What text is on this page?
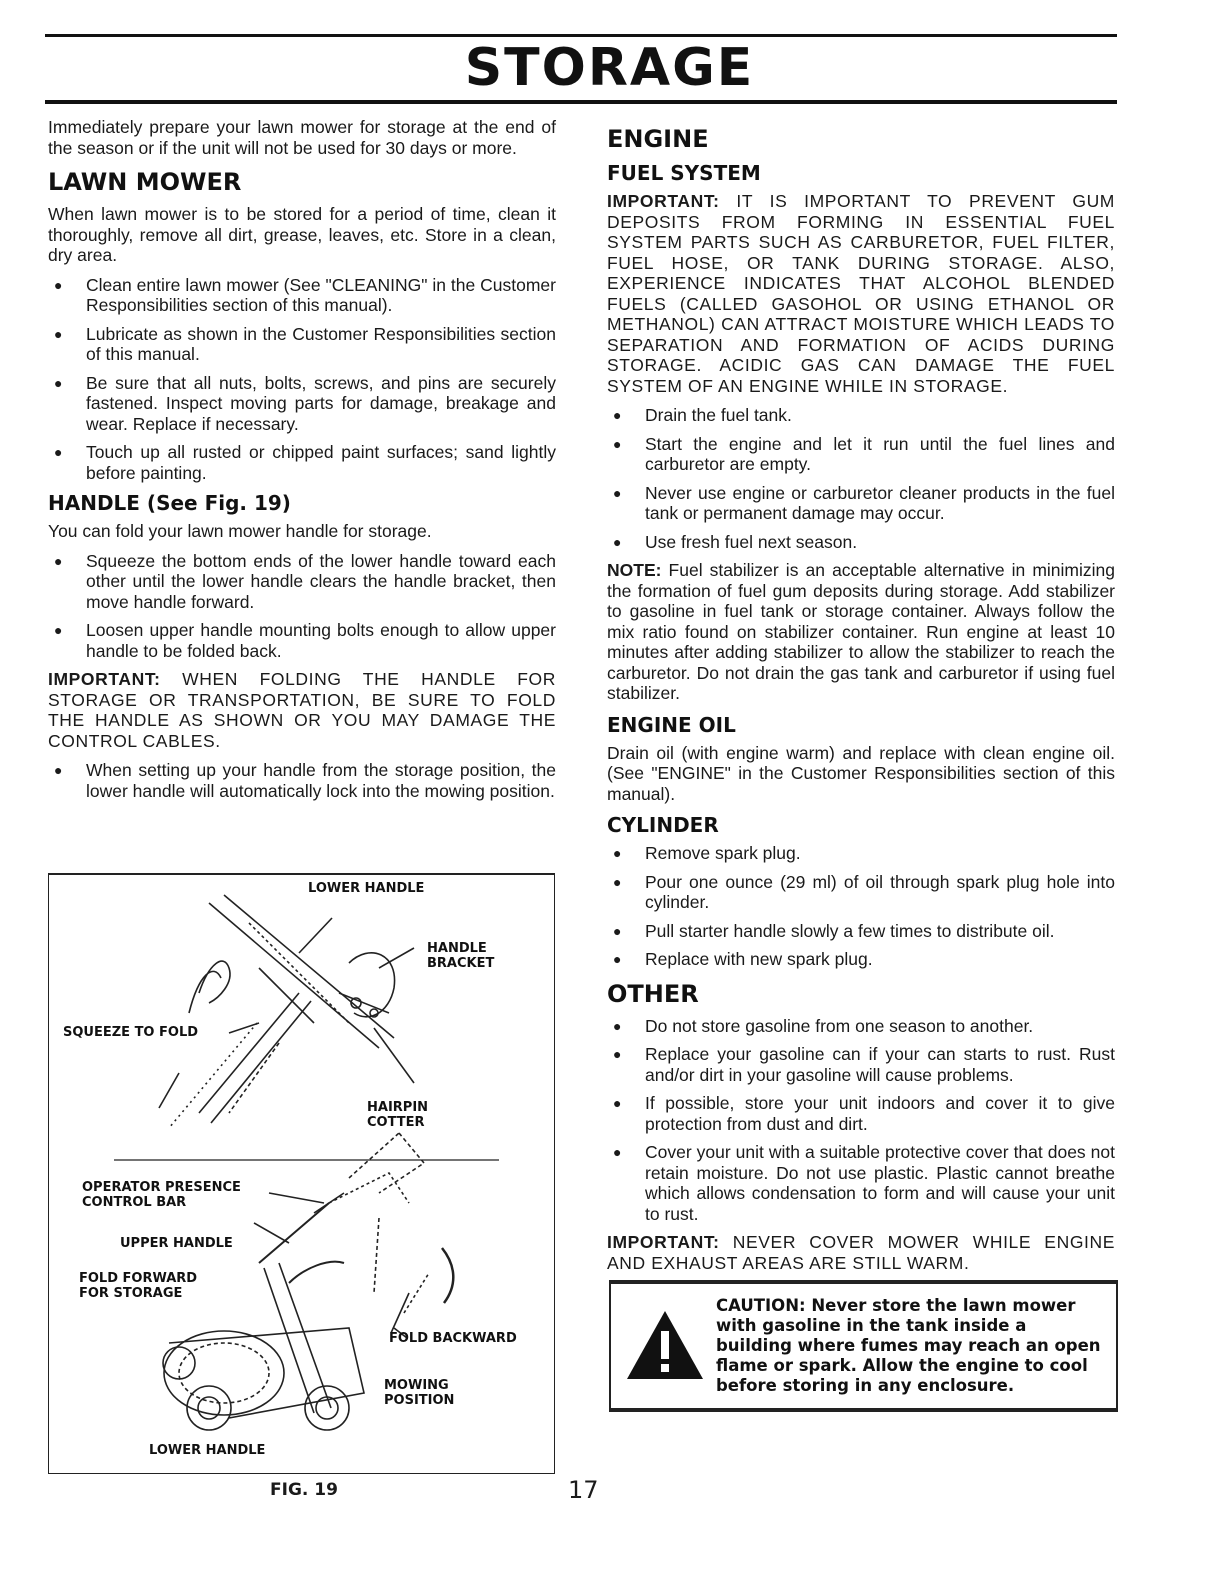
STORAGE

Immediately prepare your lawn mower for storage at the end of the season or if the unit will not be used for 30 days or more.

LAWN MOWER

When lawn mower is to be stored for a period of time, clean it thoroughly, remove all dirt, grease, leaves, etc. Store in a clean, dry area.

● Clean entire lawn mower (See "CLEANING" in the Customer Responsibilities section of this manual).
● Lubricate as shown in the Customer Responsibilities section of this manual.
● Be sure that all nuts, bolts, screws, and pins are securely fastened. Inspect moving parts for damage, breakage and wear. Replace if necessary.
● Touch up all rusted or chipped paint surfaces; sand lightly before painting.
HANDLE (See Fig. 19)

You can fold your lawn mower handle for storage.

● Squeeze the bottom ends of the lower handle toward each other until the lower handle clears the handle bracket, then move handle forward.
● Loosen upper handle mounting bolts enough to allow upper handle to be folded back.

IMPORTANT: WHEN FOLDING THE HANDLE FOR STORAGE OR TRANSPORTATION, BE SURE TO FOLD THE HANDLE AS SHOWN OR YOU MAY DAMAGE THE CONTROL CABLES.

● When setting up your handle from the storage position, the lower handle will automatically lock into the mowing position.
LOWER HANDLE
HANDLE
BRACKET
SQUEEZE TO FOLD
HAIRPIN
COTTER
OPERATOR PRESENCE
CONTROL BAR
UPPER HANDLE
FOLD FORWARD
FOR STORAGE
FOLD BACKWARD
MOWING
POSITION
LOWER HANDLE
FIG. 19	17
ENGINE
FUEL SYSTEM

IMPORTANT: IT IS IMPORTANT TO PREVENT GUM DEPOSITS FROM FORMING IN ESSENTIAL FUEL SYSTEM PARTS SUCH AS CARBURETOR, FUEL FILTER, FUEL HOSE, OR TANK DURING STORAGE. ALSO, EXPERIENCE INDICATES THAT ALCOHOL BLENDED FUELS (CALLED GASOHOL OR USING ETHANOL OR METHANOL) CAN ATTRACT MOISTURE WHICH LEADS TO SEPARATION AND FORMATION OF ACIDS DURING STORAGE. ACIDIC GAS CAN DAMAGE THE FUEL SYSTEM OF AN ENGINE WHILE IN STORAGE.

● Drain the fuel tank.
● Start the engine and let it run until the fuel lines and carburetor are empty.
● Never use engine or carburetor cleaner products in the fuel tank or permanent damage may occur.
● Use fresh fuel next season.

NOTE: Fuel stabilizer is an acceptable alternative in minimizing the formation of fuel gum deposits during storage. Add stabilizer to gasoline in fuel tank or storage container. Always follow the mix ratio found on stabilizer container. Run engine at least 10 minutes after adding stabilizer to allow the stabilizer to reach the carburetor. Do not drain the gas tank and carburetor if using fuel stabilizer.

ENGINE OIL

Drain oil (with engine warm) and replace with clean engine oil. (See "ENGINE" in the Customer Responsibilities section of this manual).

CYLINDER
● Remove spark plug.
● Pour one ounce (29 ml) of oil through spark plug hole into cylinder.
● Pull starter handle slowly a few times to distribute oil.
● Replace with new spark plug.
OTHER
● Do not store gasoline from one season to another.
● Replace your gasoline can if your can starts to rust. Rust and/or dirt in your gasoline will cause problems.
● If possible, store your unit indoors and cover it to give protection from dust and dirt.
● Cover your unit with a suitable protective cover that does not retain moisture. Do not use plastic. Plastic cannot breathe which allows condensation to form and will cause your unit to rust.

IMPORTANT: NEVER COVER MOWER WHILE ENGINE AND EXHAUST AREAS ARE STILL WARM.

CAUTION: Never store the lawn mower with gasoline in the tank inside a building where fumes may reach an open flame or spark. Allow the engine to cool before storing in any enclosure.
